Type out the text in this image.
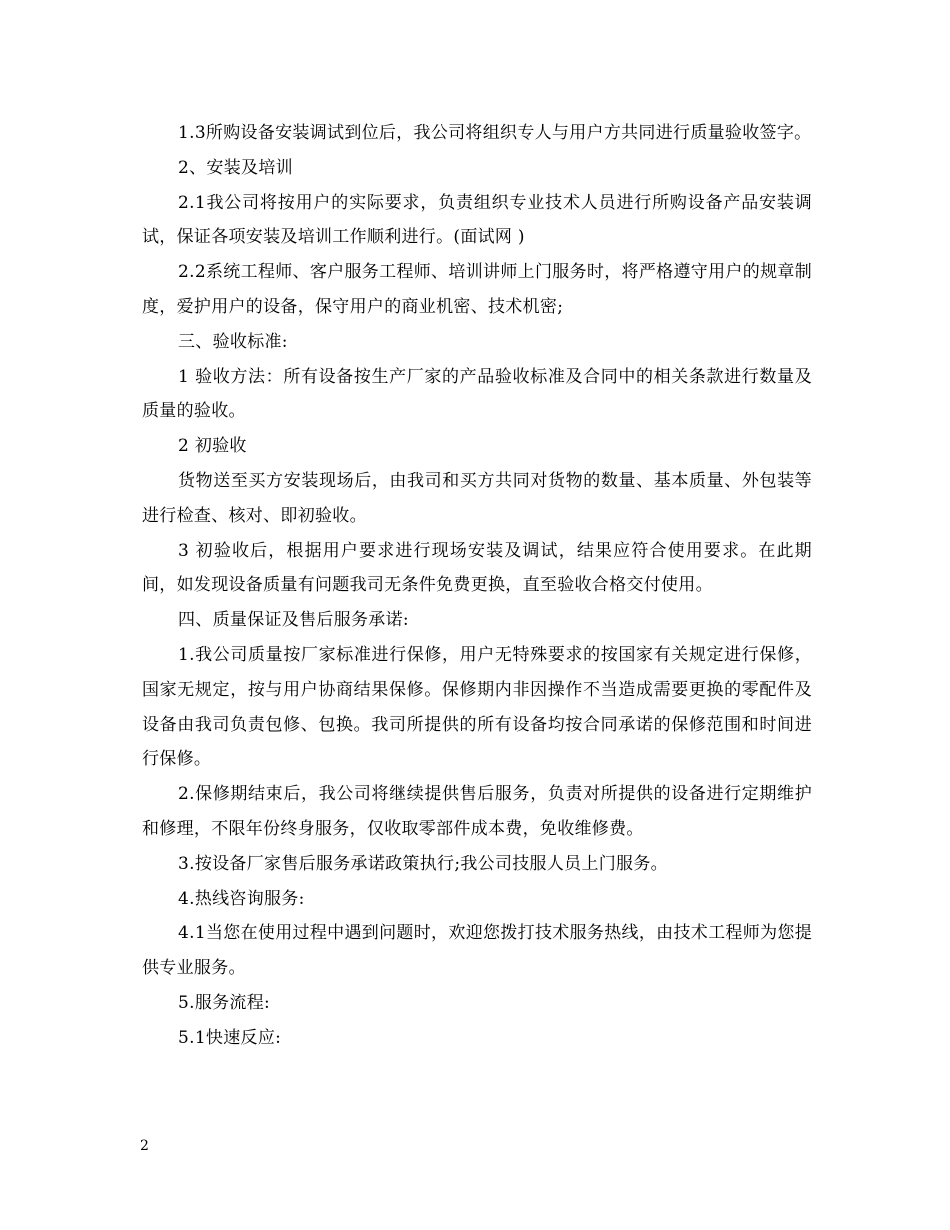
1.3所购设备安装调试到位后，我公司将组织专人与用户方共同进行质量验收签字。

2、安装及培训

2.1我公司将按用户的实际要求，负责组织专业技术人员进行所购设备产品安装调试，保证各项安装及培训工作顺利进行。(面试网 )

2.2系统工程师、客户服务工程师、培训讲师上门服务时，将严格遵守用户的规章制度，爱护用户的设备，保守用户的商业机密、技术机密;

三、验收标准:

1 验收方法：所有设备按生产厂家的产品验收标准及合同中的相关条款进行数量及质量的验收。

2 初验收

货物送至买方安装现场后，由我司和买方共同对货物的数量、基本质量、外包装等进行检查、核对、即初验收。

3 初验收后，根据用户要求进行现场安装及调试，结果应符合使用要求。在此期间，如发现设备质量有问题我司无条件免费更换，直至验收合格交付使用。

四、质量保证及售后服务承诺:

1.我公司质量按厂家标准进行保修，用户无特殊要求的按国家有关规定进行保修，国家无规定，按与用户协商结果保修。保修期内非因操作不当造成需要更换的零配件及设备由我司负责包修、包换。我司所提供的所有设备均按合同承诺的保修范围和时间进行保修。

2.保修期结束后，我公司将继续提供售后服务，负责对所提供的设备进行定期维护和修理，不限年份终身服务，仅收取零部件成本费，免收维修费。

3.按设备厂家售后服务承诺政策执行;我公司技服人员上门服务。

4.热线咨询服务:

4.1当您在使用过程中遇到问题时，欢迎您拨打技术服务热线，由技术工程师为您提供专业服务。

5.服务流程:

5.1快速反应:

2
